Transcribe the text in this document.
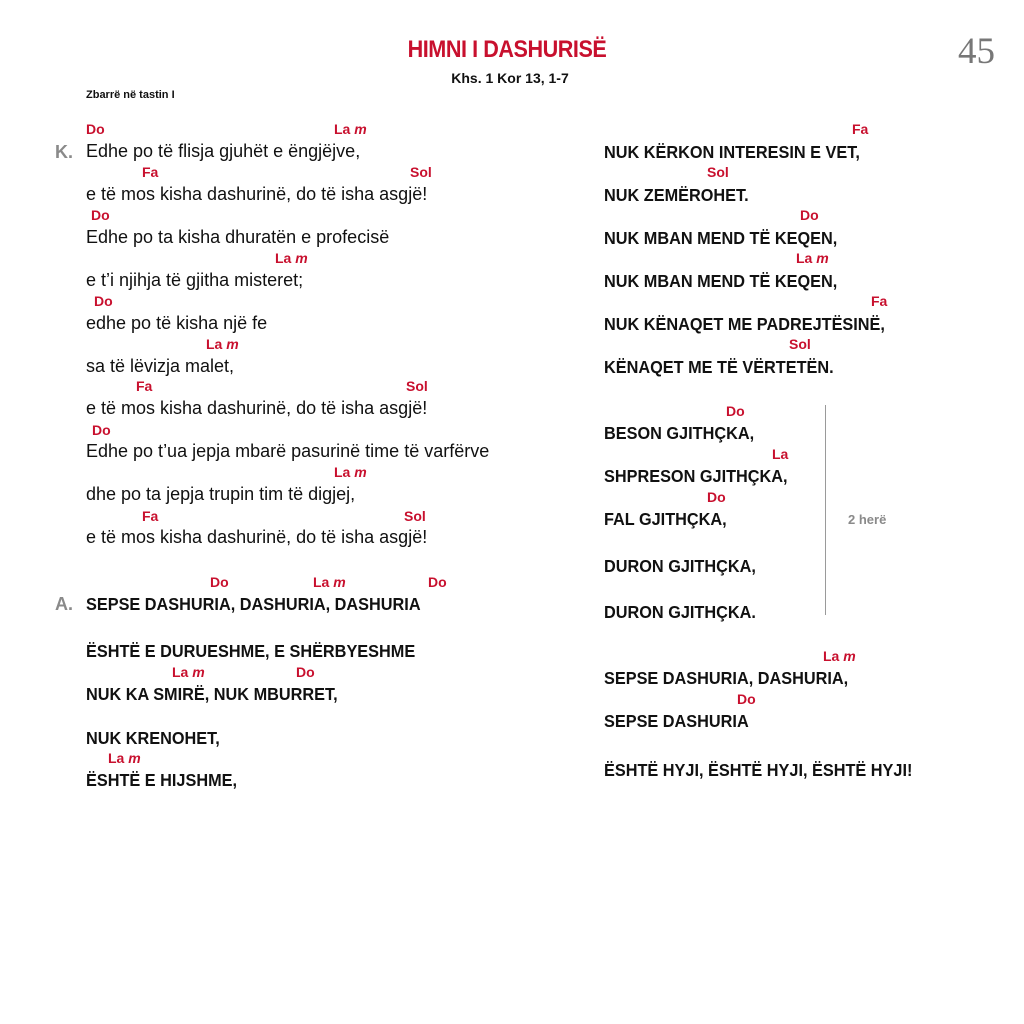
HIMNI I DASHURISË
Khs. 1 Kor 13, 1-7
45
Zbarrë në tastin I
K.
Do	La m
Edhe po të flisja gjuhët e ëngjëjve,
Fa	Sol
e të mos kisha dashurinë, do të isha asgjë!
Do
Edhe po ta kisha dhuratën e profecisë
La m
e t’i njihja të gjitha misteret;
Do
edhe po të kisha një fe
La m
sa të lëvizja malet,
Fa	Sol
e të mos kisha dashurinë, do të isha asgjë!
Do
Edhe po t’ua jepja mbarë pasurinë time të varfërve
La m
dhe po ta jepja trupin tim të digjej,
Fa	Sol
e të mos kisha dashurinë, do të isha asgjë!
A.
Do	La m	Do
SEPSE DASHURIA, DASHURIA, DASHURIA
ËSHTË E DURUESHME, E SHËRBYESHME
La m	Do
NUK KA SMIRË, NUK MBURRET,
NUK KRENOHET,
La m
ËSHTË E HIJSHME,
Fa
NUK KËRKON INTERESIN E VET,
Sol
NUK ZEMËROHET.
Do
NUK MBAN MEND TË KEQEN,
La m
NUK MBAN MEND TË KEQEN,
Fa
NUK KËNAQET ME PADREJTËSINË,
Sol
KËNAQET ME TË VËRTETËN.
Do
BESON GJITHÇKA,
La
SHPRESON GJITHÇKA,
Do
FAL GJITHÇKA,
DURON GJITHÇKA,
DURON GJITHÇKA.
2 herë
La m
SEPSE DASHURIA, DASHURIA,
Do
SEPSE DASHURIA
ËSHTË HYJI, ËSHTË HYJI, ËSHTË HYJI!
